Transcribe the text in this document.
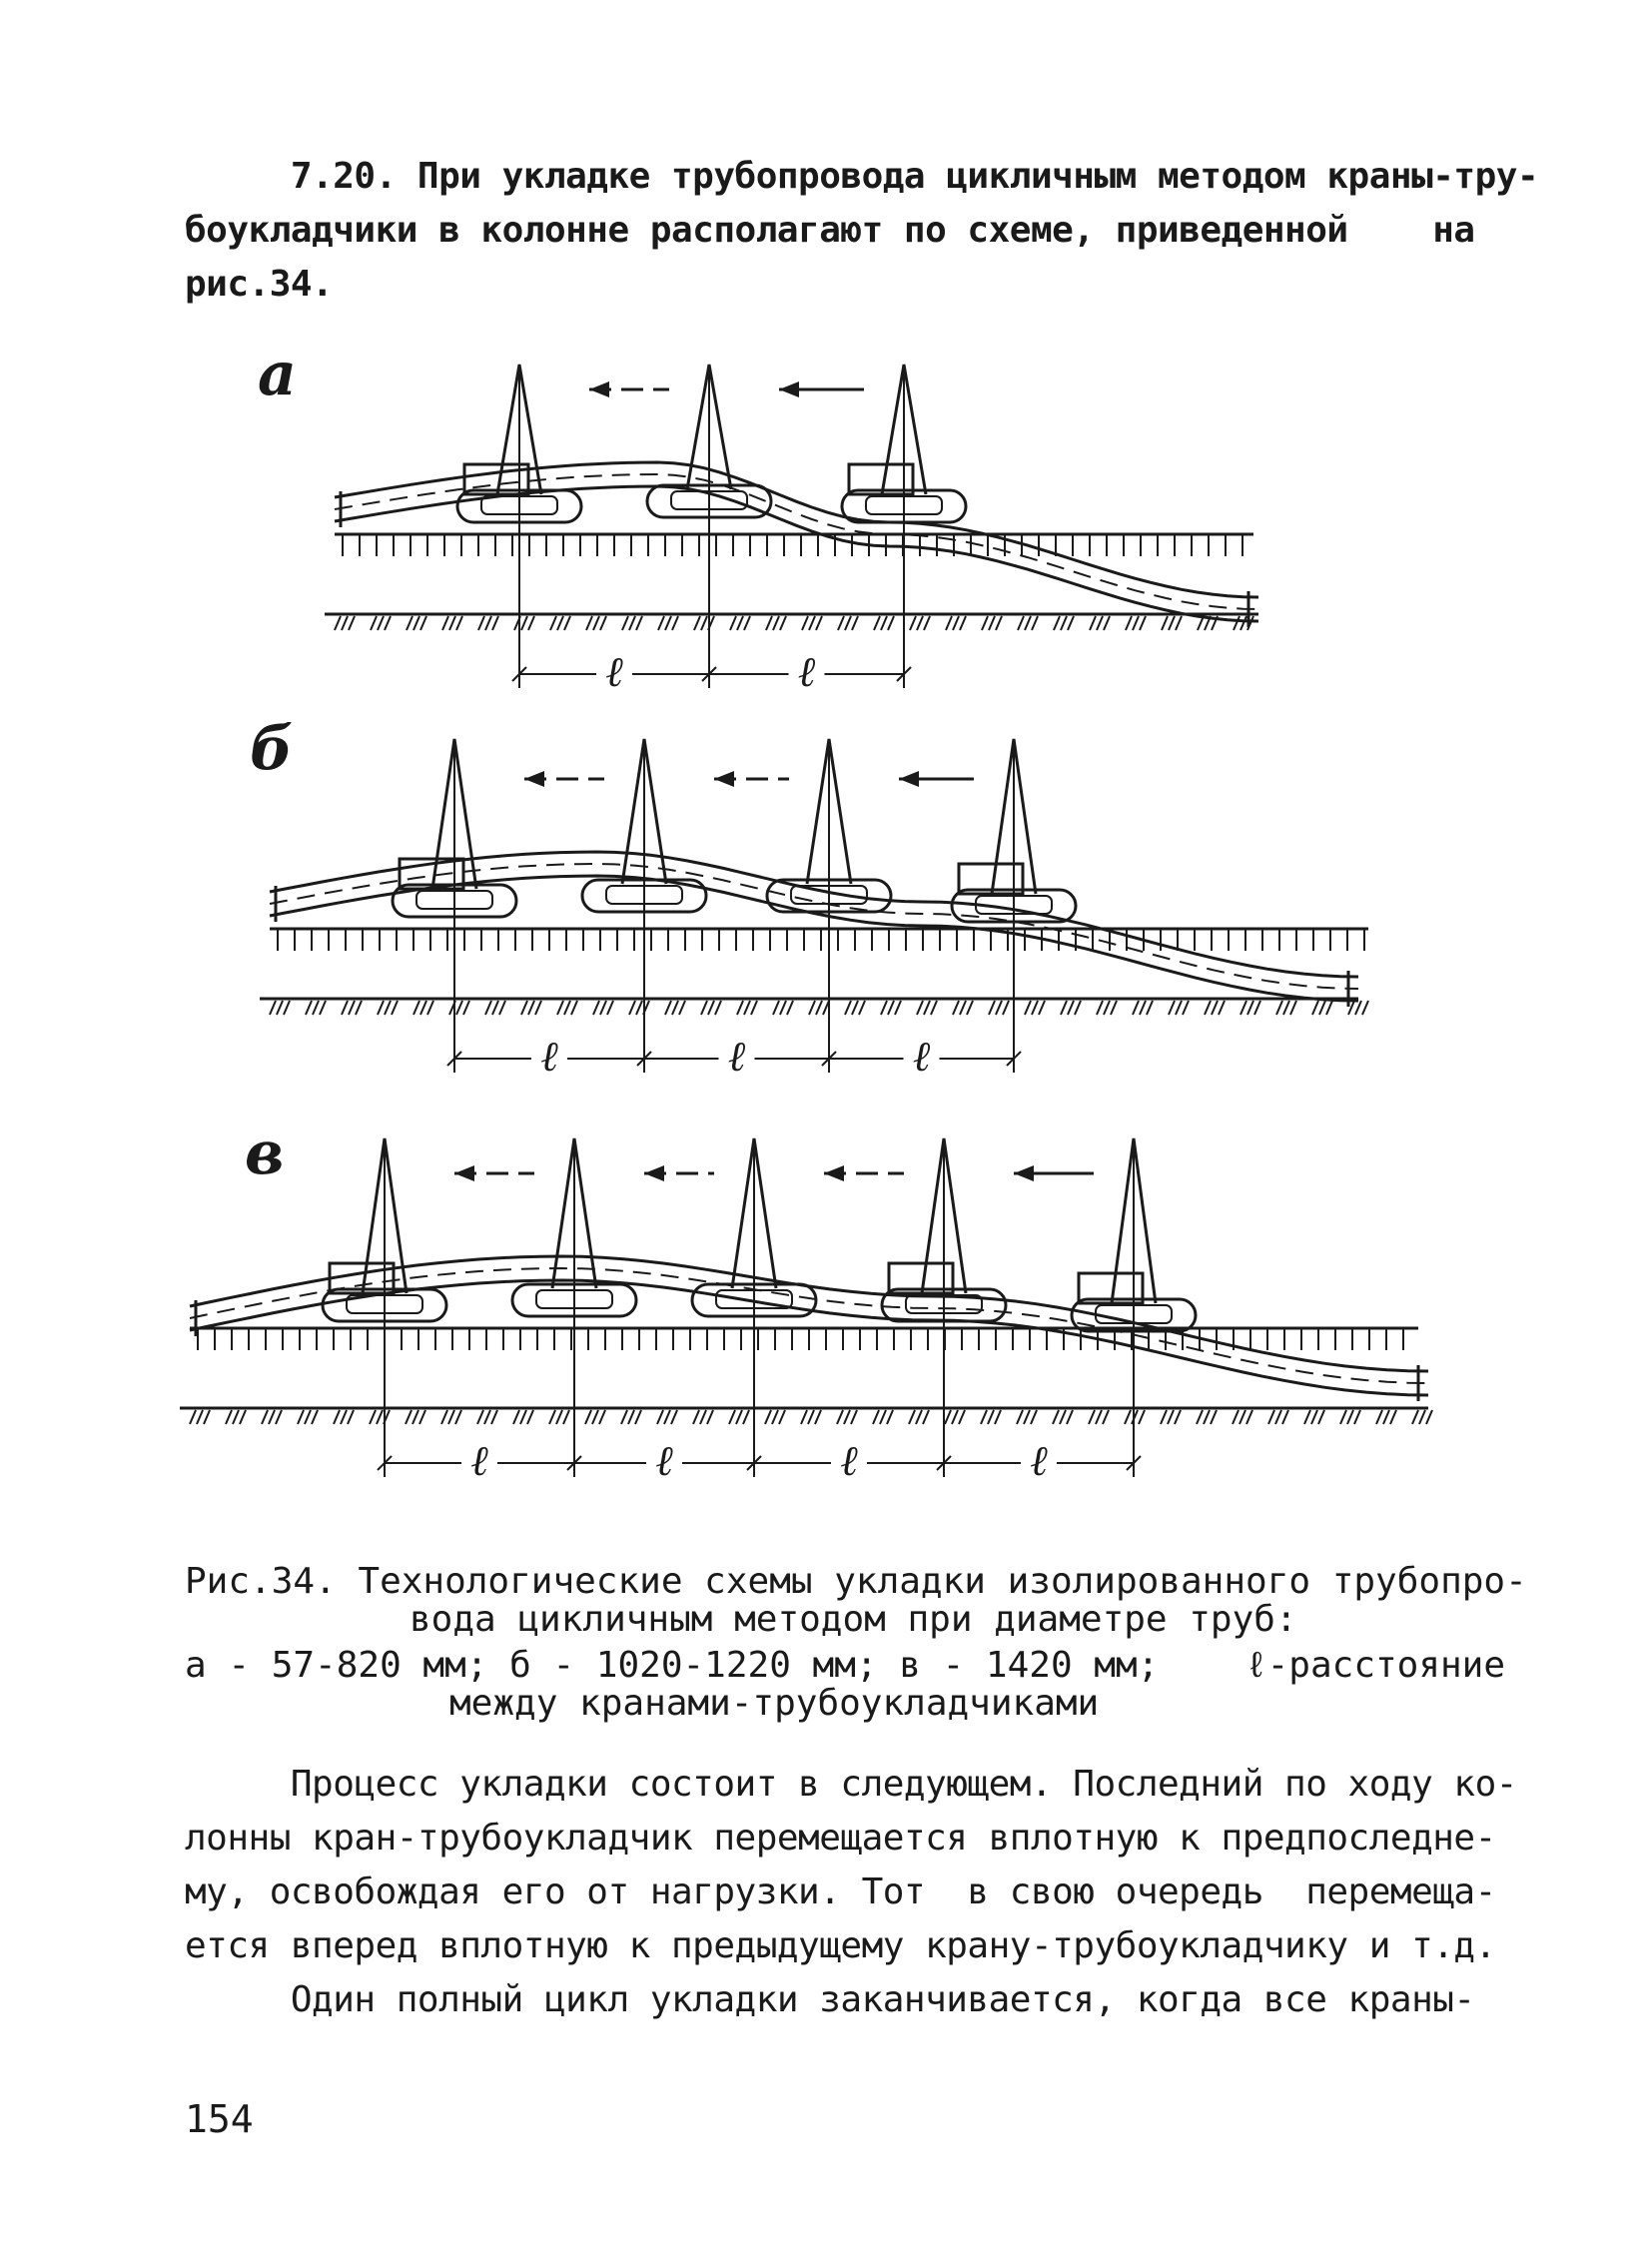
7.20. При укладке трубопровода цикличным методом краны-тру-
боукладчики в колонне располагают по схеме, приведенной    на
рис.34.
а
ℓ	ℓ
б
ℓ	ℓ	ℓ
в
ℓ	ℓ	ℓ	ℓ
Рис.34. Технологические схемы укладки изолированного трубопро-
вода цикличным методом при диаметре труб:
а - 57-820 мм; б - 1020-1220 мм; в - 1420 мм;    ℓ-расстояние
между кранами-трубоукладчиками
Процесс укладки состоит в следующем. Последний по ходу ко-
лонны кран-трубоукладчик перемещается вплотную к предпоследне-
му, освобождая его от нагрузки. Тот  в свою очередь  перемеща-
ется вперед вплотную к предыдущему крану-трубоукладчику и т.д.
Один полный цикл укладки заканчивается, когда все краны-
154
